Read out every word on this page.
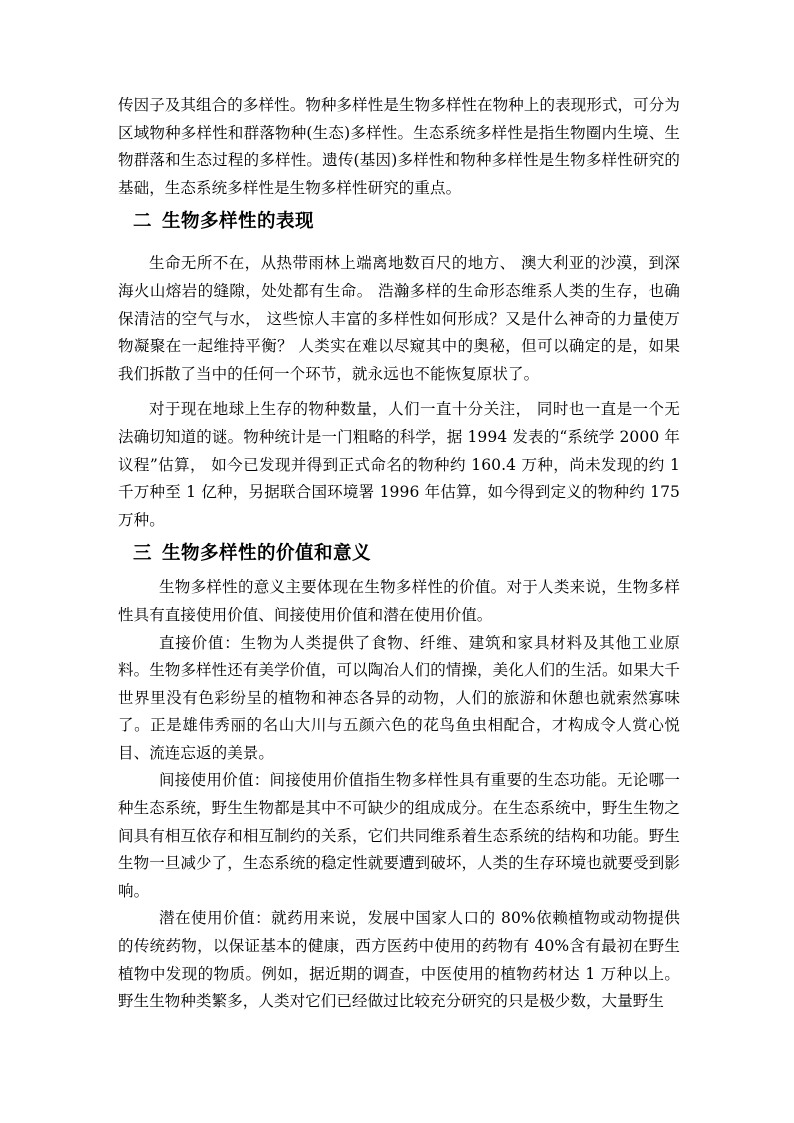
传因子及其组合的多样性。物种多样性是生物多样性在物种上的表现形式，可分为区域物种多样性和群落物种(生态)多样性。生态系统多样性是指生物圈内生境、生物群落和生态过程的多样性。遗传(基因)多样性和物种多样性是生物多样性研究的基础，生态系统多样性是生物多样性研究的重点。

二 生物多样性的表现

生命无所不在，从热带雨林上端离地数百尺的地方、 澳大利亚的沙漠，到深海火山熔岩的缝隙，处处都有生命。 浩瀚多样的生命形态维系人类的生存，也确保清洁的空气与水， 这些惊人丰富的多样性如何形成？又是什么神奇的力量使万物凝聚在一起维持平衡？ 人类实在难以尽窥其中的奥秘，但可以确定的是，如果我们拆散了当中的任何一个环节，就永远也不能恢复原状了。

对于现在地球上生存的物种数量，人们一直十分关注， 同时也一直是一个无法确切知道的谜。物种统计是一门粗略的科学，据 1994 发表的“系统学 2000 年议程”估算， 如今已发现并得到正式命名的物种约 160.4 万种，尚未发现的约 1 千万种至 1 亿种，另据联合国环境署 1996 年估算，如今得到定义的物种约 175 万种。

三 生物多样性的价值和意义

生物多样性的意义主要体现在生物多样性的价值。对于人类来说，生物多样性具有直接使用价值、间接使用价值和潜在使用价值。

直接价值：生物为人类提供了食物、纤维、建筑和家具材料及其他工业原料。生物多样性还有美学价值，可以陶冶人们的情操，美化人们的生活。如果大千世界里没有色彩纷呈的植物和神态各异的动物，人们的旅游和休憩也就索然寡味了。正是雄伟秀丽的名山大川与五颜六色的花鸟鱼虫相配合，才构成令人赏心悦目、流连忘返的美景。

间接使用价值：间接使用价值指生物多样性具有重要的生态功能。无论哪一种生态系统，野生生物都是其中不可缺少的组成成分。在生态系统中，野生生物之间具有相互依存和相互制约的关系，它们共同维系着生态系统的结构和功能。野生生物一旦减少了，生态系统的稳定性就要遭到破坏，人类的生存环境也就要受到影响。

潜在使用价值：就药用来说，发展中国家人口的 80%依赖植物或动物提供的传统药物，以保证基本的健康，西方医药中使用的药物有 40%含有最初在野生植物中发现的物质。例如，据近期的调查，中医使用的植物药材达 1 万种以上。野生生物种类繁多，人类对它们已经做过比较充分研究的只是极少数，大量野生
